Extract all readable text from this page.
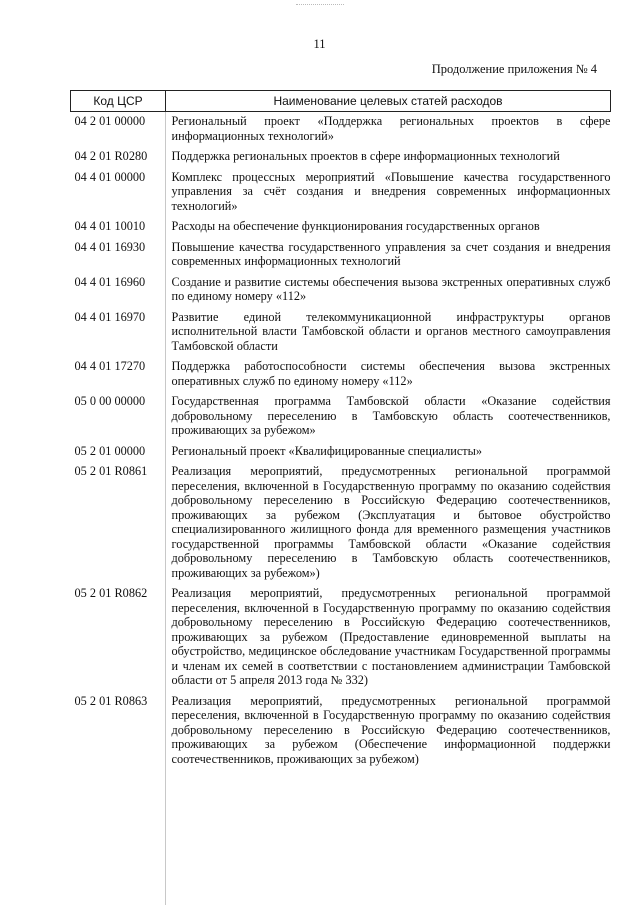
11
Продолжение приложения № 4
Код ЦСР	Наименование целевых статей расходов
04 2 01 00000	Региональный проект «Поддержка региональных проектов в сфере информационных технологий»
04 2 01 R0280	Поддержка региональных проектов в сфере информационных технологий
04 4 01 00000	Комплекс процессных мероприятий «Повышение качества государственного управления за счёт создания и внедрения современных информационных технологий»
04 4 01 10010	Расходы на обеспечение функционирования государственных органов
04 4 01 16930	Повышение качества государственного управления за счет создания и внедрения современных информационных технологий
04 4 01 16960	Создание и развитие системы обеспечения вызова экстренных оперативных служб по единому номеру «112»
04 4 01 16970	Развитие единой телекоммуникационной инфраструктуры органов исполнительной власти Тамбовской области и органов местного самоуправления Тамбовской области
04 4 01 17270	Поддержка работоспособности системы обеспечения вызова экстренных оперативных служб по единому номеру «112»
05 0 00 00000	Государственная программа Тамбовской области «Оказание содействия добровольному переселению в Тамбовскую область соотечественников, проживающих за рубежом»
05 2 01 00000	Региональный проект «Квалифицированные специалисты»
05 2 01 R0861	Реализация мероприятий, предусмотренных региональной программой переселения, включенной в Государственную программу по оказанию содействия добровольному переселению в Российскую Федерацию соотечественников, проживающих за рубежом (Эксплуатация и бытовое обустройство специализированного жилищного фонда для временного размещения участников государственной программы Тамбовской области «Оказание содействия добровольному переселению в Тамбовскую область соотечественников, проживающих за рубежом»)
05 2 01 R0862	Реализация мероприятий, предусмотренных региональной программой переселения, включенной в Государственную программу по оказанию содействия добровольному переселению в Российскую Федерацию соотечественников, проживающих за рубежом (Предоставление единовременной выплаты на обустройство, медицинское обследование участникам Государственной программы и членам их семей в соответствии с постановлением администрации Тамбовской области от 5 апреля 2013 года № 332)
05 2 01 R0863	Реализация мероприятий, предусмотренных региональной программой переселения, включенной в Государственную программу по оказанию содействия добровольному переселению в Российскую Федерацию соотечественников, проживающих за рубежом (Обеспечение информационной поддержки соотечественников, проживающих за рубежом)
